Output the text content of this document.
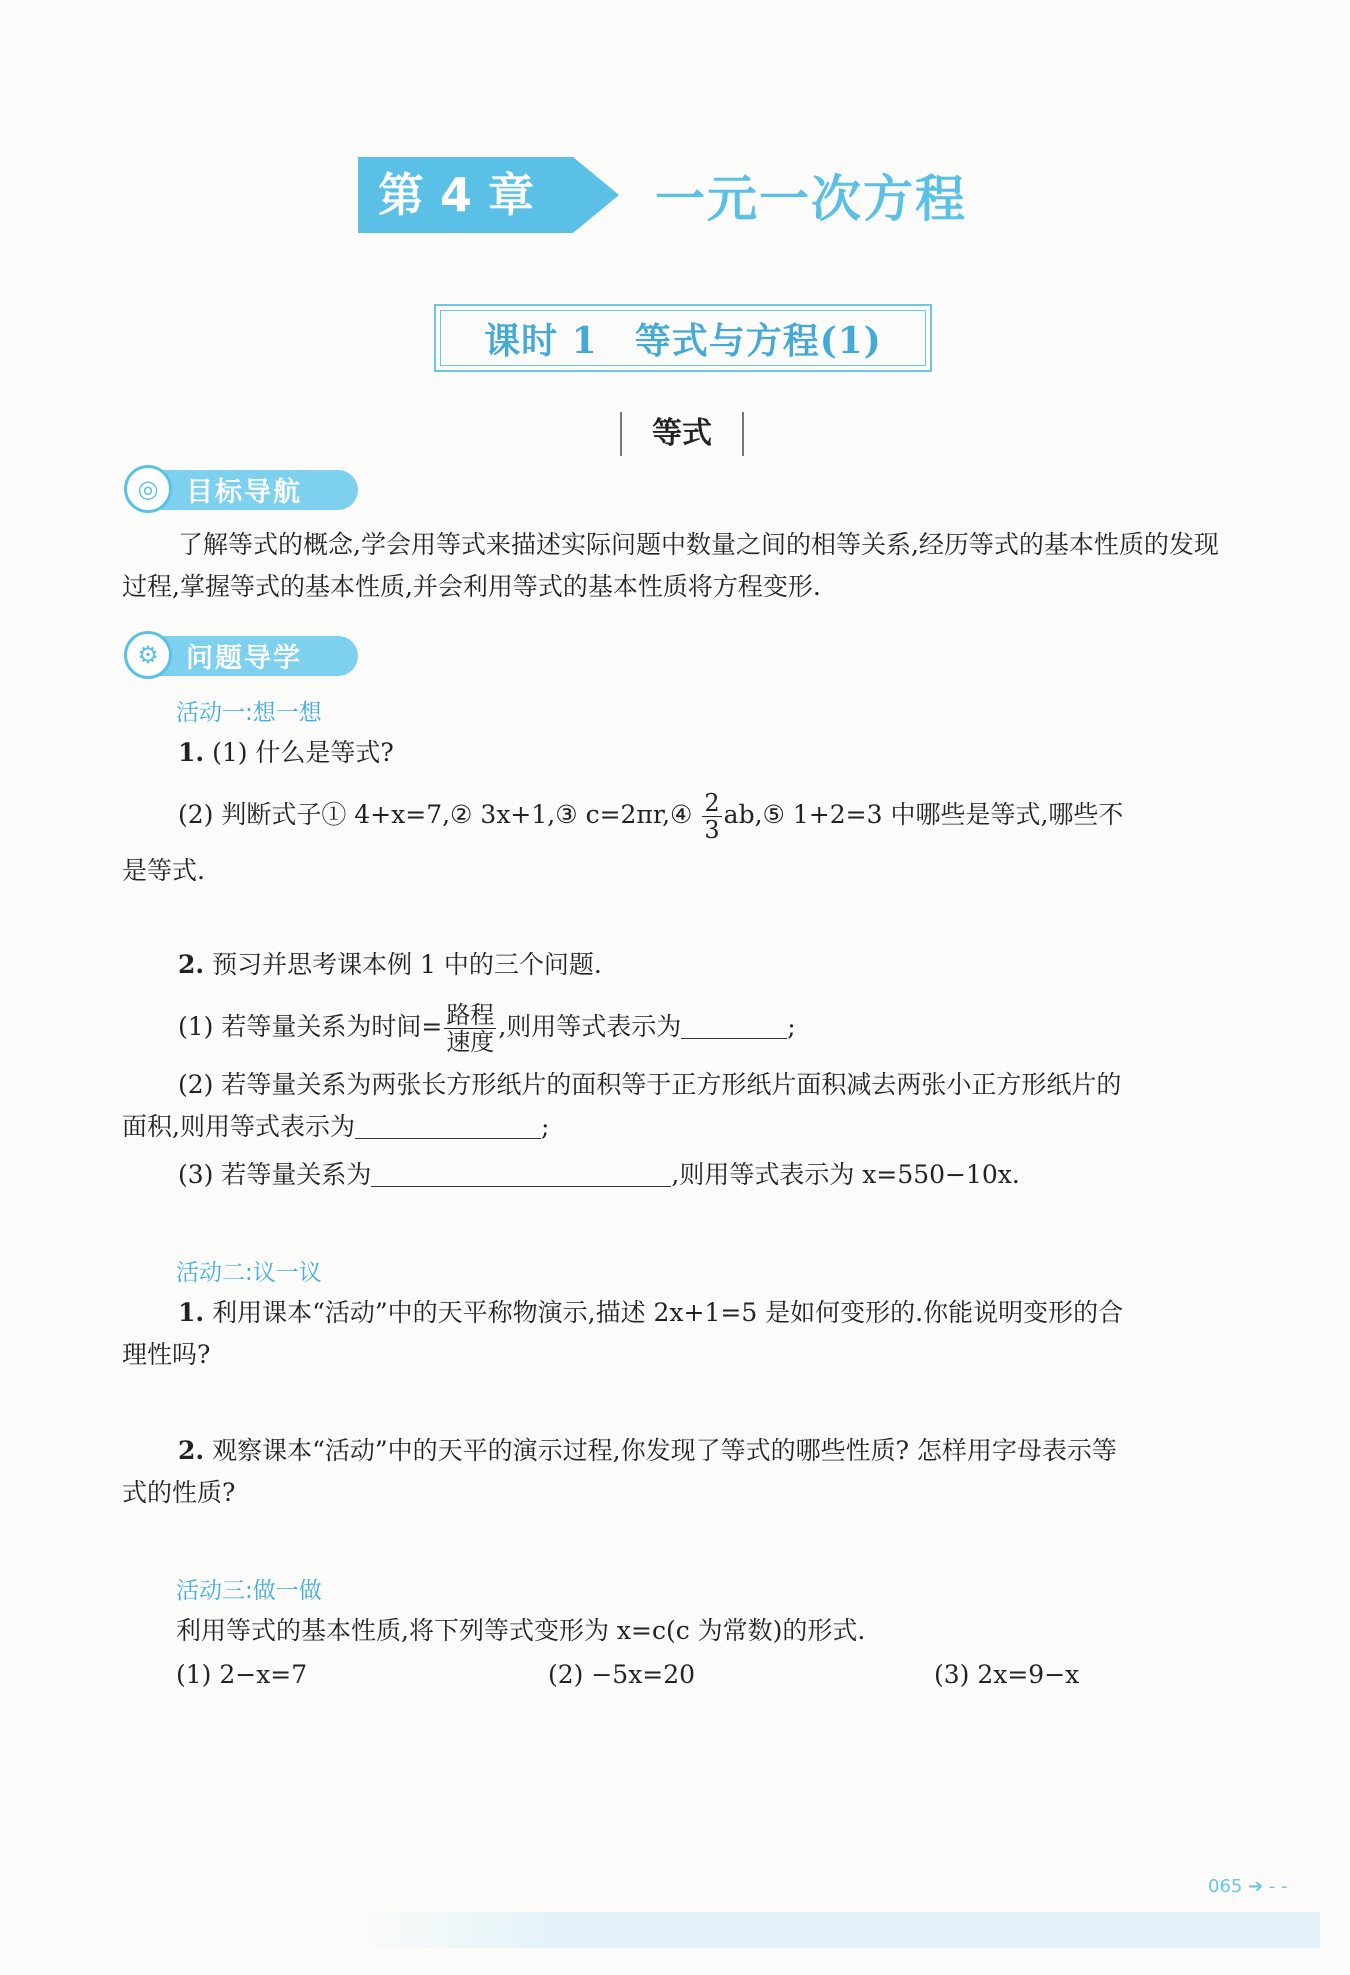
第 4 章	一元一次方程
课时 1　等式与方程(1)
等式
◎	目标导航
了解等式的概念,学会用等式来描述实际问题中数量之间的相等关系,经历等式的基本性质的发现过程,掌握等式的基本性质,并会利用等式的基本性质将方程变形.
⚙	问题导学
活动一:想一想
1. (1) 什么是等式?
(2) 判断式子① 4+x=7,② 3x+1,③ c=2πr,④ $\frac{2}{3}$ ab,⑤ 1+2=3 中哪些是等式,哪些不
是等式.
2. 预习并思考课本例 1 中的三个问题.
(1) 若等量关系为时间= $\frac{\text{路程}}{\text{速度}}$ ,则用等式表示为	;
(2) 若等量关系为两张长方形纸片的面积等于正方形纸片面积减去两张小正方形纸片的
面积,则用等式表示为	;
(3) 若等量关系为	,则用等式表示为 x=550−10x.
活动二:议一议
1. 利用课本“活动”中的天平称物演示,描述 2x+1=5 是如何变形的.你能说明变形的合
理性吗?
2. 观察课本“活动”中的天平的演示过程,你发现了等式的哪些性质? 怎样用字母表示等
式的性质?
活动三:做一做
利用等式的基本性质,将下列等式变形为 x=c(c 为常数)的形式.
(1) 2−x=7	(2) −5x=20	(3) 2x=9−x
065 ➔ - -
